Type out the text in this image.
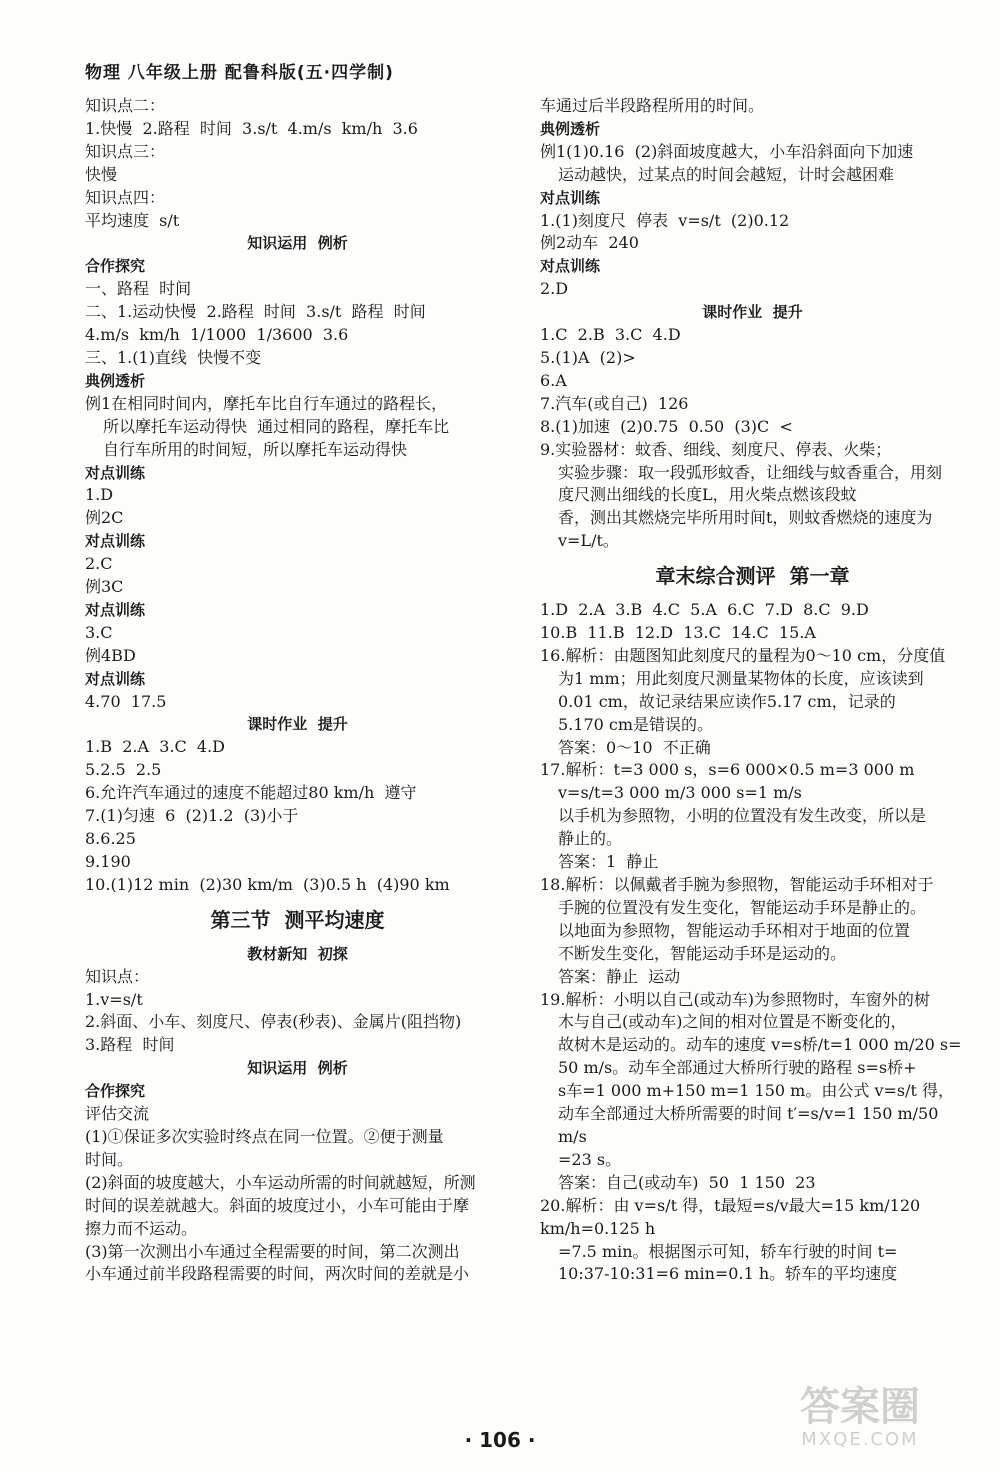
物理 八年级上册 配鲁科版(五·四学制)

知识点二：

1.快慢  2.路程  时间  3.s/t  4.m/s  km/h  3.6

知识点三：

快慢

知识点四：

平均速度  s/t

知识运用  例析

合作探究

一、路程  时间

二、1.运动快慢  2.路程  时间  3.s/t  路程  时间

4.m/s  km/h  1/1000  1/3600  3.6

三、1.(1)直线  快慢不变

典例透析

例1在相同时间内，摩托车比自行车通过的路程长，

所以摩托车运动得快  通过相同的路程，摩托车比

自行车所用的时间短，所以摩托车运动得快

对点训练

1.D

例2C

对点训练

2.C

例3C

对点训练

3.C

例4BD

对点训练

4.70  17.5

课时作业  提升

1.B  2.A  3.C  4.D

5.2.5  2.5

6.允许汽车通过的速度不能超过80 km/h  遵守

7.(1)匀速  6  (2)1.2  (3)小于

8.6.25

9.190

10.(1)12 min  (2)30 km/m  (3)0.5 h  (4)90 km

第三节  测平均速度

教材新知  初探

知识点：

1.v=s/t

2.斜面、小车、刻度尺、停表(秒表)、金属片(阻挡物)

3.路程  时间

知识运用  例析

合作探究

评估交流

(1)①保证多次实验时终点在同一位置。②便于测量

时间。

(2)斜面的坡度越大，小车运动所需的时间就越短，所测

时间的误差就越大。斜面的坡度过小，小车可能由于摩

擦力而不运动。

(3)第一次测出小车通过全程需要的时间，第二次测出

小车通过前半段路程需要的时间，两次时间的差就是小

车通过后半段路程所用的时间。

典例透析

例1(1)0.16  (2)斜面坡度越大，小车沿斜面向下加速

运动越快，过某点的时间会越短，计时会越困难

对点训练

1.(1)刻度尺  停表  v=s/t  (2)0.12

例2动车  240

对点训练

2.D

课时作业  提升

1.C  2.B  3.C  4.D

5.(1)A  (2)>

6.A

7.汽车(或自己)  126

8.(1)加速  (2)0.75  0.50  (3)C  <

9.实验器材：蚊香、细线、刻度尺、停表、火柴；

实验步骤：取一段弧形蚊香，让细线与蚊香重合，用刻

度尺测出细线的长度L，用火柴点燃该段蚊

香，测出其燃烧完毕所用时间t，则蚊香燃烧的速度为

v=L/t。

章末综合测评  第一章

1.D  2.A  3.B  4.C  5.A  6.C  7.D  8.C  9.D

10.B  11.B  12.D  13.C  14.C  15.A

16.解析：由题图知此刻度尺的量程为0～10 cm，分度值

为1 mm；用此刻度尺测量某物体的长度，应该读到

0.01 cm，故记录结果应读作5.17 cm，记录的

5.170 cm是错误的。

答案：0～10  不正确

17.解析：t=3 000 s，s=6 000×0.5 m=3 000 m

v=s/t=3 000 m/3 000 s=1 m/s

以手机为参照物，小明的位置没有发生改变，所以是

静止的。

答案：1  静止

18.解析：以佩戴者手腕为参照物，智能运动手环相对于

手腕的位置没有发生变化，智能运动手环是静止的。

以地面为参照物，智能运动手环相对于地面的位置

不断发生变化，智能运动手环是运动的。

答案：静止  运动

19.解析：小明以自己(或动车)为参照物时，车窗外的树

木与自己(或动车)之间的相对位置是不断变化的，

故树木是运动的。动车的速度 v=s桥/t=1 000 m/20 s=

50 m/s。动车全部通过大桥所行驶的路程 s=s桥+

s车=1 000 m+150 m=1 150 m。由公式 v=s/t 得，

动车全部通过大桥所需要的时间 t′=s/v=1 150 m/50 m/s

=23 s。

答案：自己(或动车)  50  1 150  23

20.解析：由 v=s/t 得，t最短=s/v最大=15 km/120 km/h=0.125 h

=7.5 min。根据图示可知，轿车行驶的时间 t=

10:37-10:31=6 min=0.1 h。轿车的平均速度

· 106 ·
答案圈
MXQE.COM
